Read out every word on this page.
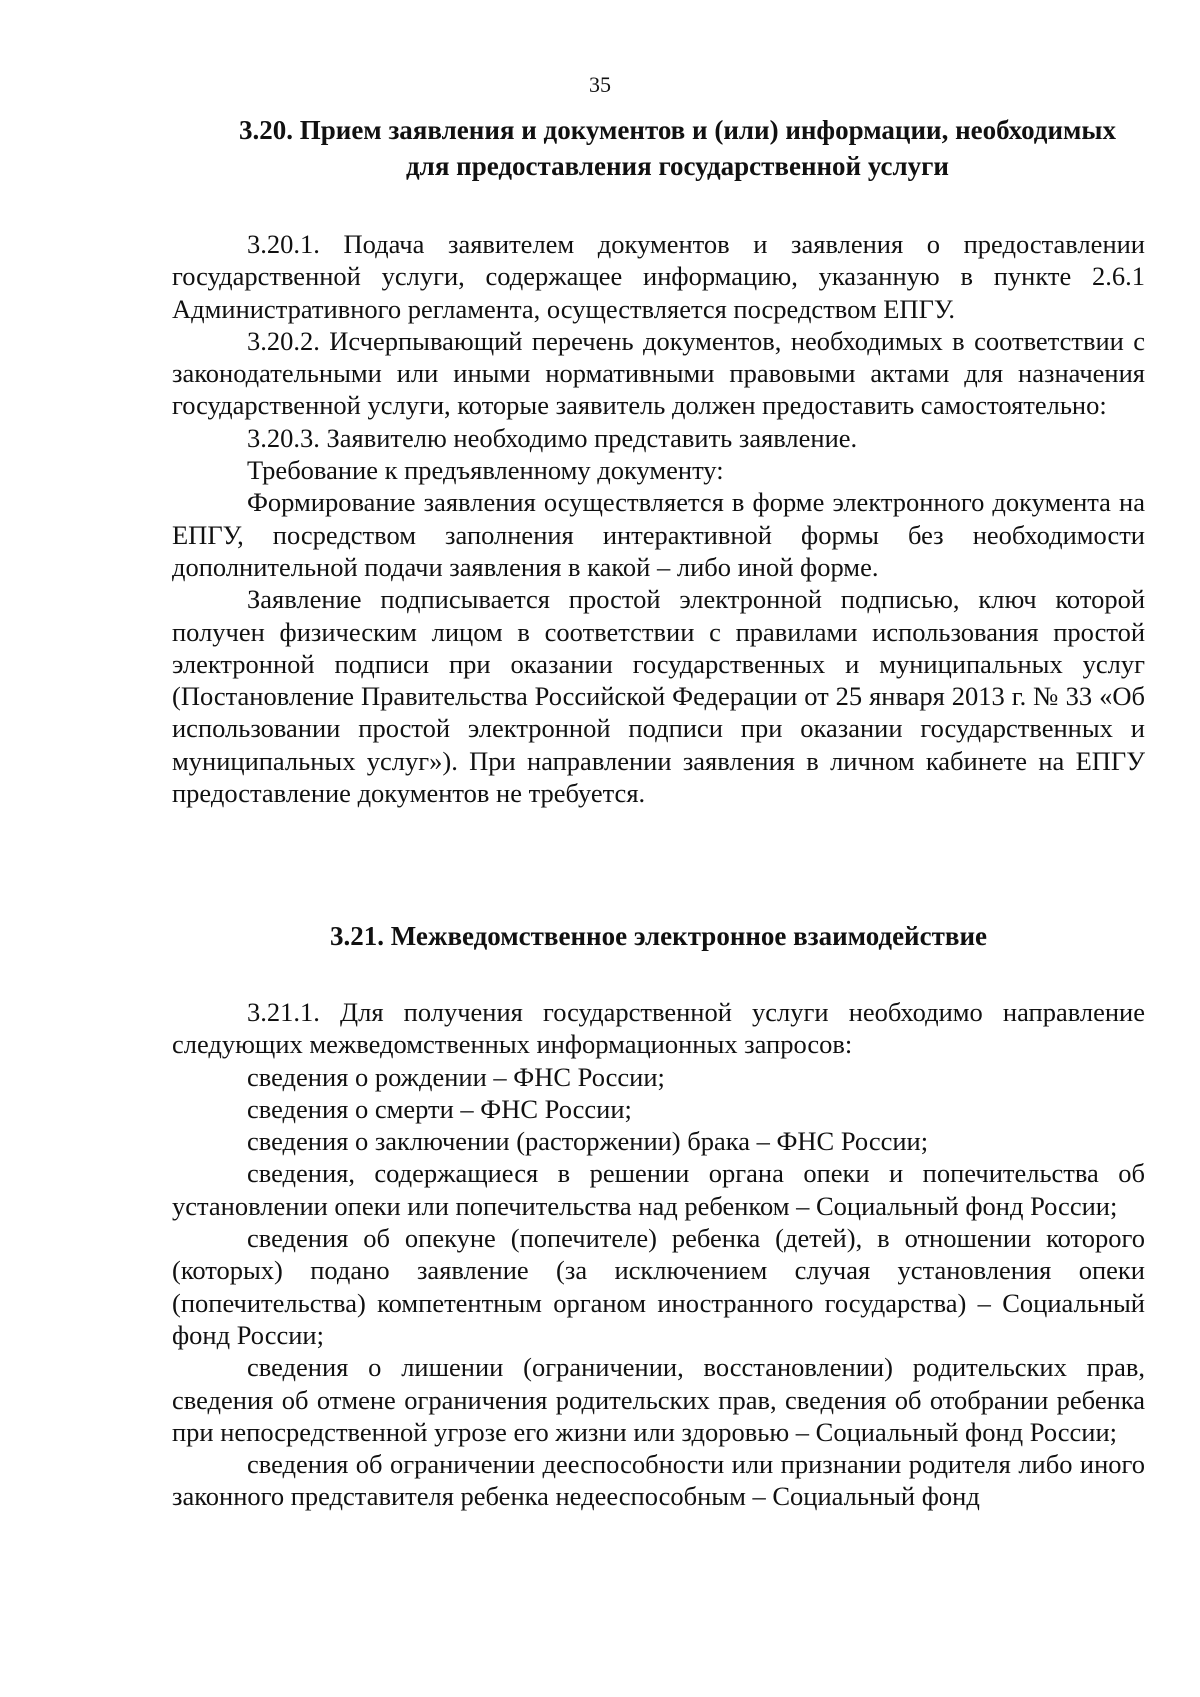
35
3.20. Прием заявления и документов и (или) информации, необходимых
для предоставления государственной услуги

3.20.1. Подача заявителем документов и заявления о предоставлении государственной услуги, содержащее информацию, указанную в пункте 2.6.1 Административного регламента, осуществляется посредством ЕПГУ.

3.20.2. Исчерпывающий перечень документов, необходимых в соответствии с законодательными или иными нормативными правовыми актами для назначения государственной услуги, которые заявитель должен предоставить самостоятельно:

3.20.3. Заявителю необходимо представить заявление.

Требование к предъявленному документу:

Формирование заявления осуществляется в форме электронного документа на ЕПГУ, посредством заполнения интерактивной формы без необходимости дополнительной подачи заявления в какой – либо иной форме.

Заявление подписывается простой электронной подписью, ключ которой получен физическим лицом в соответствии с правилами использования простой электронной подписи при оказании государственных и муниципальных услуг (Постановление Правительства Российской Федерации от 25 января 2013 г. № 33 «Об использовании простой электронной подписи при оказании государственных и муниципальных услуг»). При направлении заявления в личном кабинете на ЕПГУ предоставление документов не требуется.

3.21. Межведомственное электронное взаимодействие

3.21.1. Для получения государственной услуги необходимо направление следующих межведомственных информационных запросов:

сведения о рождении – ФНС России;

сведения о смерти – ФНС России;

сведения о заключении (расторжении) брака – ФНС России;

сведения, содержащиеся в решении органа опеки и попечительства об установлении опеки или попечительства над ребенком – Социальный фонд России;

сведения об опекуне (попечителе) ребенка (детей), в отношении которого (которых) подано заявление (за исключением случая установления опеки (попечительства) компетентным органом иностранного государства) – Социальный фонд России;

сведения о лишении (ограничении, восстановлении) родительских прав, сведения об отмене ограничения родительских прав, сведения об отобрании ребенка при непосредственной угрозе его жизни или здоровью – Социальный фонд России;

сведения об ограничении дееспособности или признании родителя либо иного законного представителя ребенка недееспособным – Социальный фонд
